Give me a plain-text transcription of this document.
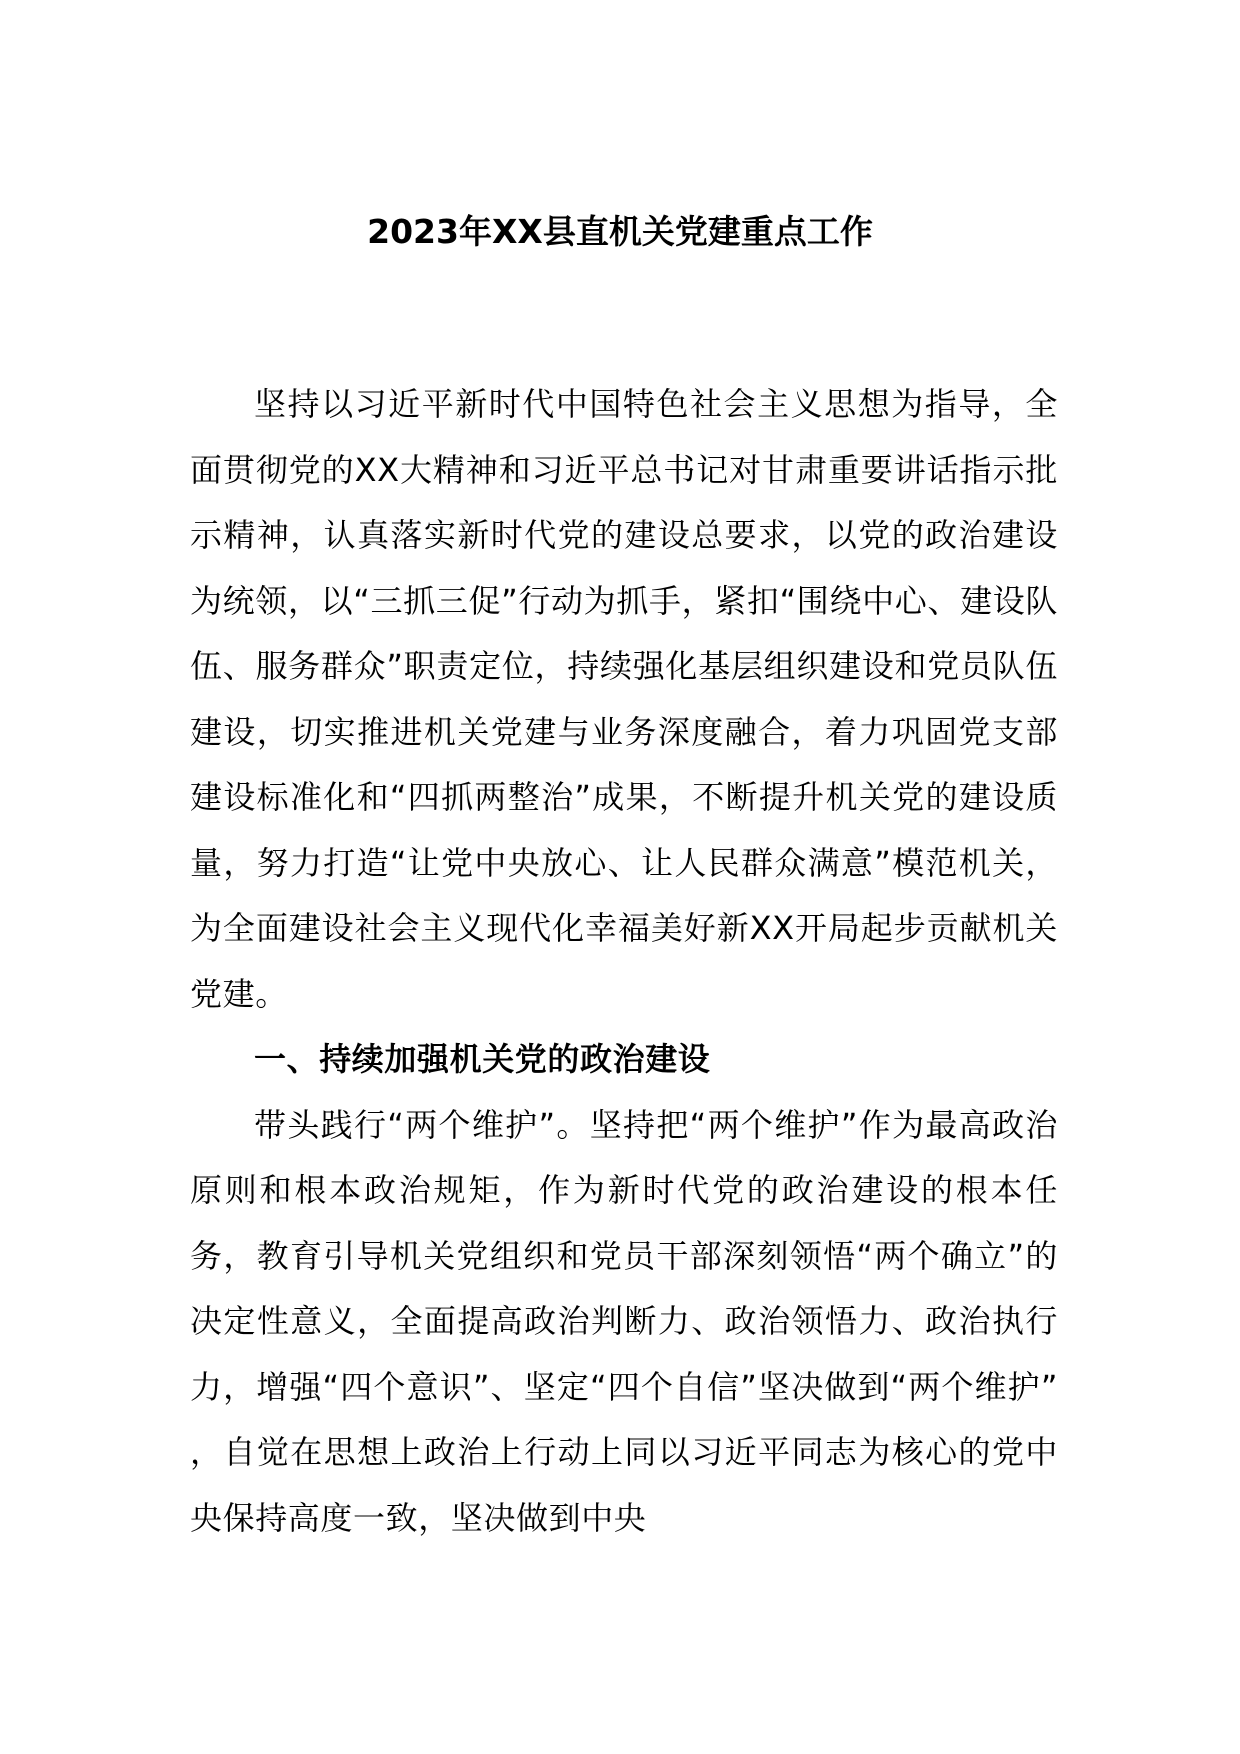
2023年XX县直机关党建重点工作

坚持以习近平新时代中国特色社会主义思想为指导，全面贯彻党的XX大精神和习近平总书记对甘肃重要讲话指示批示精神，认真落实新时代党的建设总要求，以党的政治建设为统领，以“三抓三促”行动为抓手，紧扣“围绕中心、建设队伍、服务群众”职责定位，持续强化基层组织建设和党员队伍建设，切实推进机关党建与业务深度融合，着力巩固党支部建设标准化和“四抓两整治”成果，不断提升机关党的建设质量，努力打造“让党中央放心、让人民群众满意”模范机关，为全面建设社会主义现代化幸福美好新XX开局起步贡献机关党建。

一、持续加强机关党的政治建设

带头践行“两个维护”。坚持把“两个维护”作为最高政治原则和根本政治规矩，作为新时代党的政治建设的根本任务，教育引导机关党组织和党员干部深刻领悟“两个确立”的决定性意义，全面提高政治判断力、政治领悟力、政治执行力，增强“四个意识”、坚定“四个自信”坚决做到“两个维护” ，自觉在思想上政治上行动上同以习近平同志为核心的党中央保持高度一致，坚决做到中央
